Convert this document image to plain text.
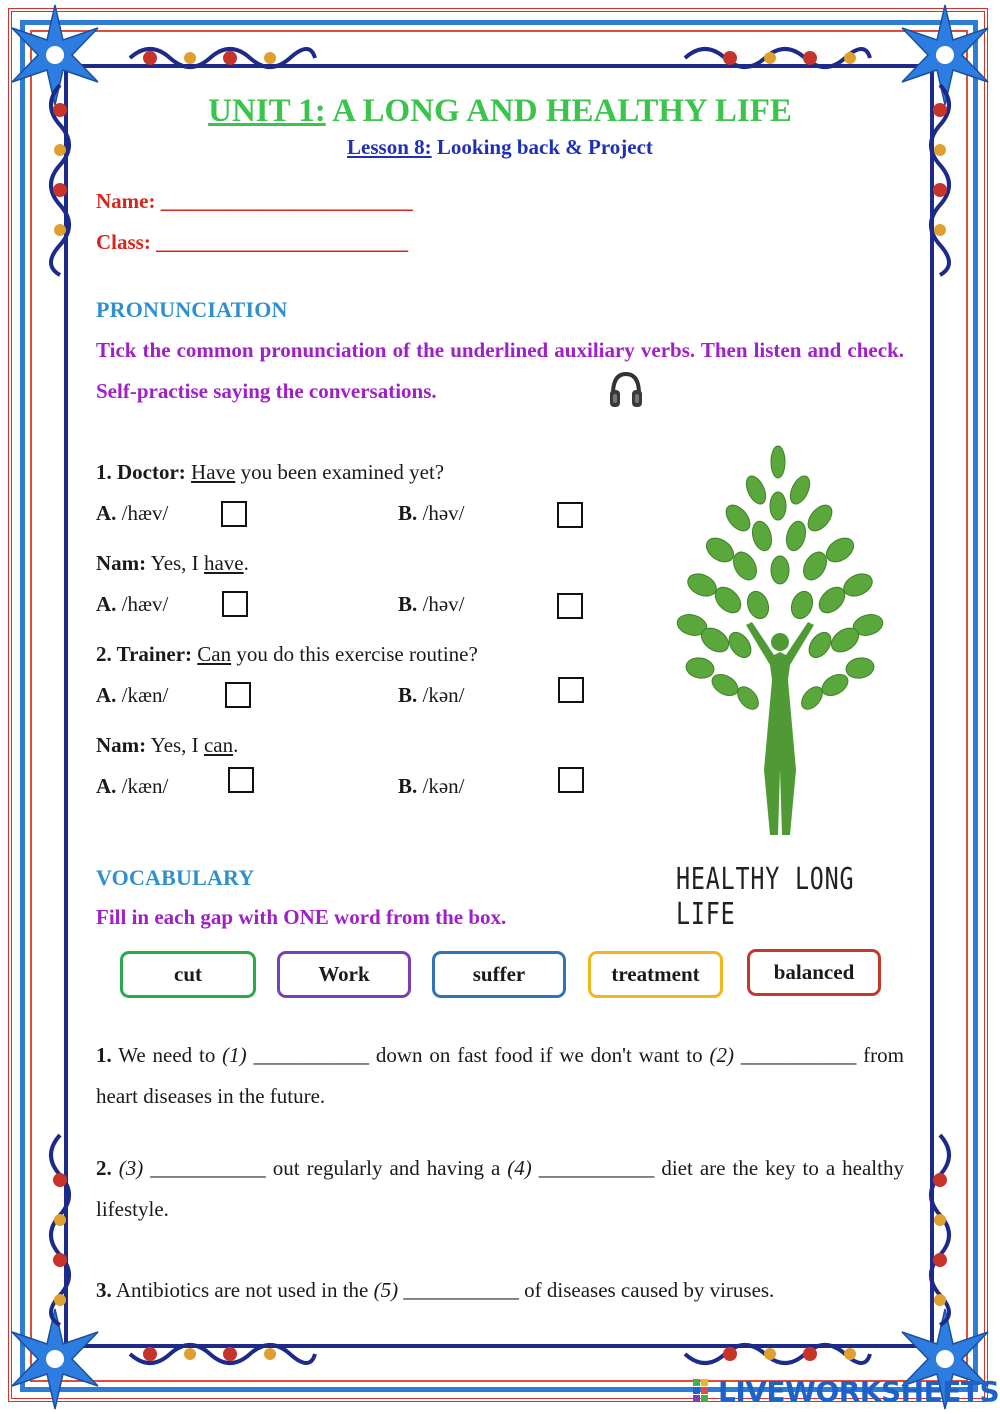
UNIT 1: A LONG AND HEALTHY LIFE
Lesson 8: Looking back & Project
Name: ________________________
Class: ________________________
PRONUNCIATION
Tick the common pronunciation of the underlined auxiliary verbs. Then listen and check. Self-practise saying the conversations.
1. Doctor: Have you been examined yet?
A. /hæv/	B. /həv/
Nam: Yes, I have.
A. /hæv/	B. /həv/
2. Trainer: Can you do this exercise routine?
A. /kæn/	B. /kən/
Nam: Yes, I can.
A. /kæn/	B. /kən/
HEALTHY LONG LIFE
VOCABULARY
Fill in each gap with ONE word from the box.
cut	Work	suffer	treatment	balanced
1. We need to (1) ___________ down on fast food if we don't want to (2) ___________ from heart diseases in the future.
2. (3) ___________ out regularly and having a (4) ___________ diet are the key to a healthy lifestyle.
3. Antibiotics are not used in the (5) ___________ of diseases caused by viruses.
LIVEWORKSHEETS
